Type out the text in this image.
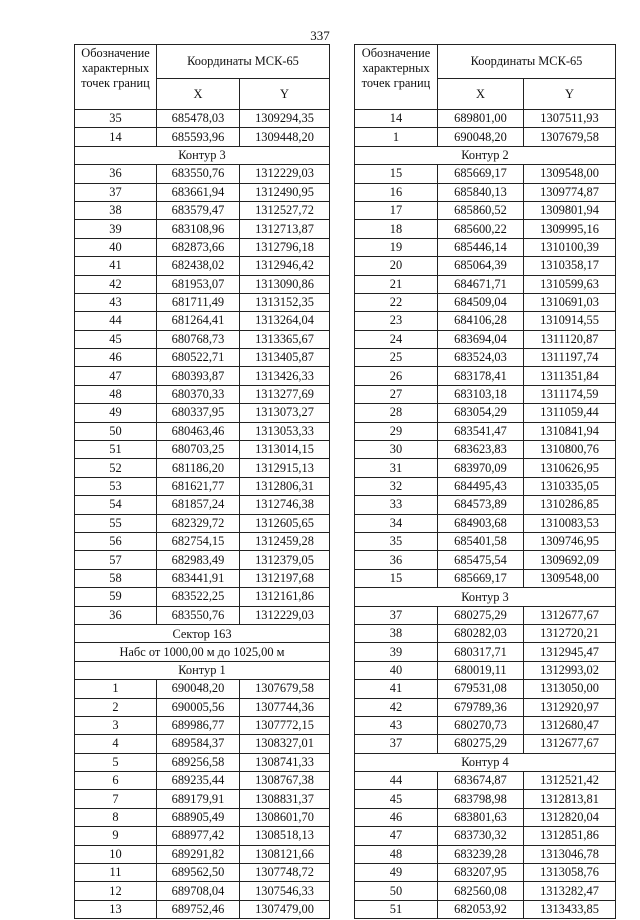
337
Обозначение характерных точек границ	Координаты МСК-65	
	X	Y
35	685478,03	1309294,35
14	685593,96	1309448,20
Контур 3		
36	683550,76	1312229,03
37	683661,94	1312490,95
38	683579,47	1312527,72
39	683108,96	1312713,87
40	682873,66	1312796,18
41	682438,02	1312946,42
42	681953,07	1313090,86
43	681711,49	1313152,35
44	681264,41	1313264,04
45	680768,73	1313365,67
46	680522,71	1313405,87
47	680393,87	1313426,33
48	680370,33	1313277,69
49	680337,95	1313073,27
50	680463,46	1313053,33
51	680703,25	1313014,15
52	681186,20	1312915,13
53	681621,77	1312806,31
54	681857,24	1312746,38
55	682329,72	1312605,65
56	682754,15	1312459,28
57	682983,49	1312379,05
58	683441,91	1312197,68
59	683522,25	1312161,86
36	683550,76	1312229,03
Сектор 163		
Набс от 1000,00 м до 1025,00 м		
Контур 1		
1	690048,20	1307679,58
2	690005,56	1307744,36
3	689986,77	1307772,15
4	689584,37	1308327,01
5	689256,58	1308741,33
6	689235,44	1308767,38
7	689179,91	1308831,37
8	688905,49	1308601,70
9	688977,42	1308518,13
10	689291,82	1308121,66
11	689562,50	1307748,72
12	689708,04	1307546,33
13	689752,46	1307479,00
Обозначение характерных точек границ	Координаты МСК-65	
	X	Y
14	689801,00	1307511,93
1	690048,20	1307679,58
Контур 2		
15	685669,17	1309548,00
16	685840,13	1309774,87
17	685860,52	1309801,94
18	685600,22	1309995,16
19	685446,14	1310100,39
20	685064,39	1310358,17
21	684671,71	1310599,63
22	684509,04	1310691,03
23	684106,28	1310914,55
24	683694,04	1311120,87
25	683524,03	1311197,74
26	683178,41	1311351,84
27	683103,18	1311174,59
28	683054,29	1311059,44
29	683541,47	1310841,94
30	683623,83	1310800,76
31	683970,09	1310626,95
32	684495,43	1310335,05
33	684573,89	1310286,85
34	684903,68	1310083,53
35	685401,58	1309746,95
36	685475,54	1309692,09
15	685669,17	1309548,00
Контур 3		
37	680275,29	1312677,67
38	680282,03	1312720,21
39	680317,71	1312945,47
40	680019,11	1312993,02
41	679531,08	1313050,00
42	679789,36	1312920,97
43	680270,73	1312680,47
37	680275,29	1312677,67
Контур 4		
44	683674,87	1312521,42
45	683798,98	1312813,81
46	683801,63	1312820,04
47	683730,32	1312851,86
48	683239,28	1313046,78
49	683207,95	1313058,76
50	682560,08	1313282,47
51	682053,92	1313433,85
